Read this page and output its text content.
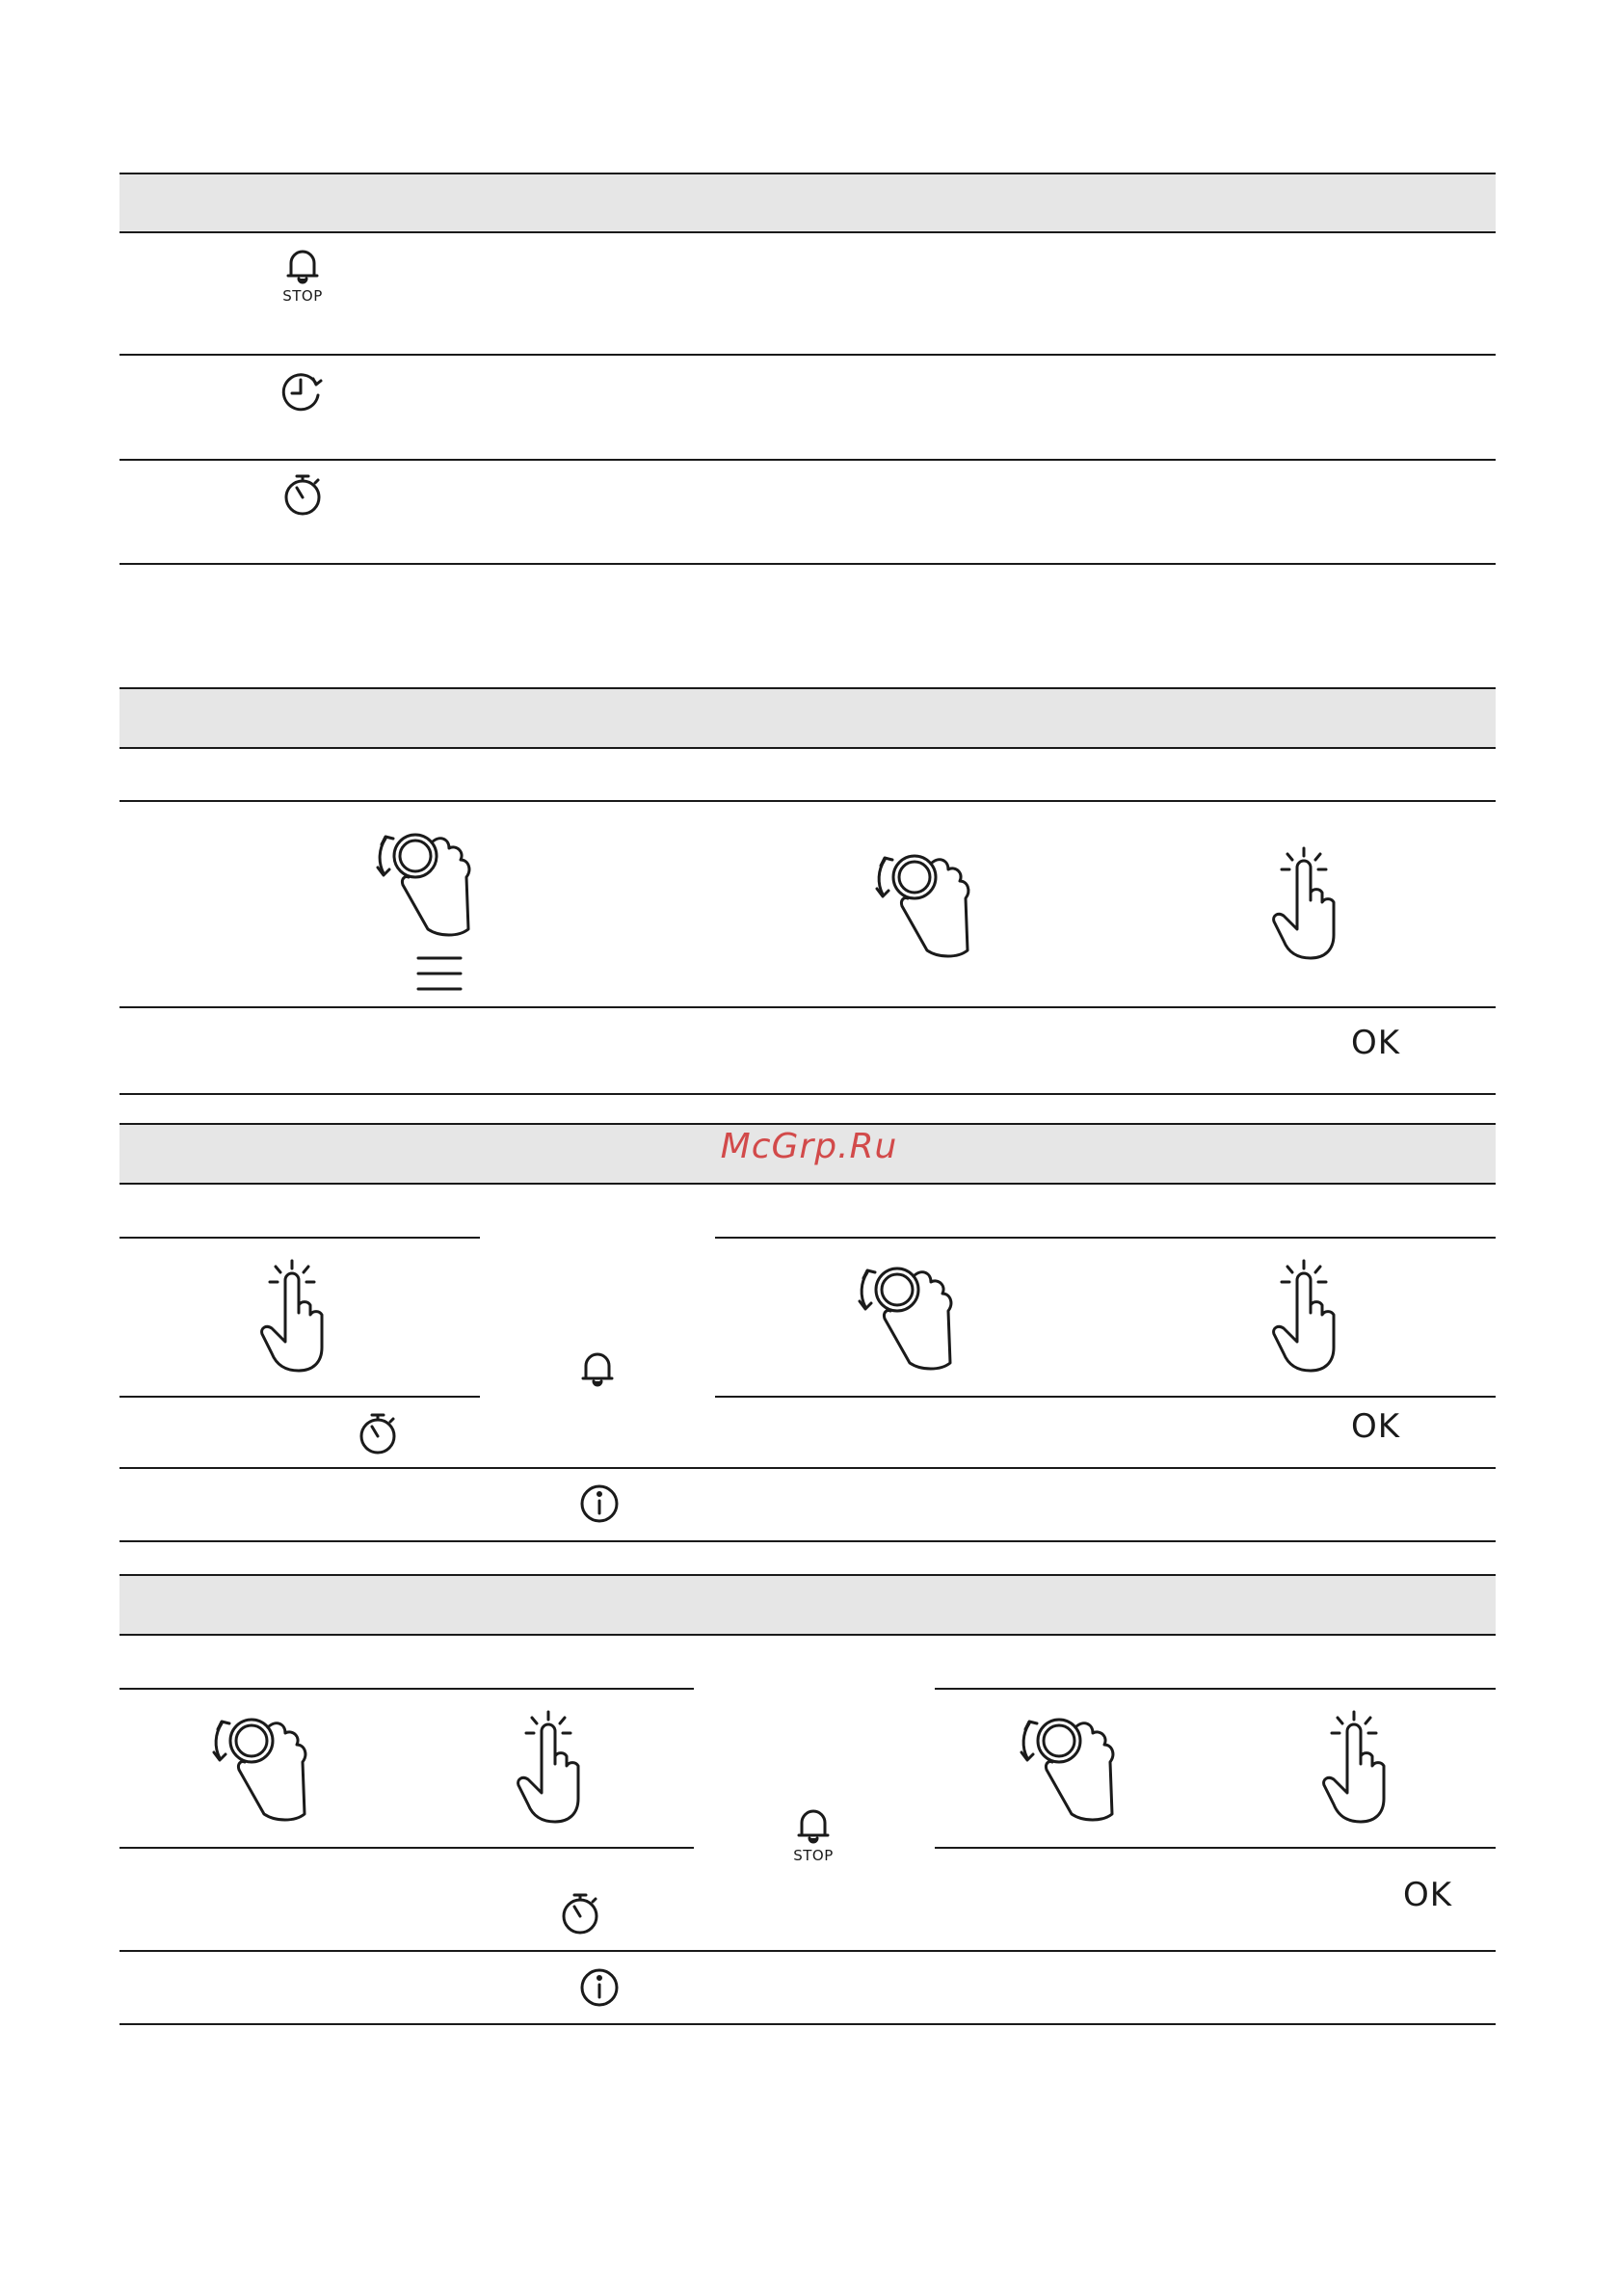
STOP
OK
McGrp.Ru
OK
STOP
OK
